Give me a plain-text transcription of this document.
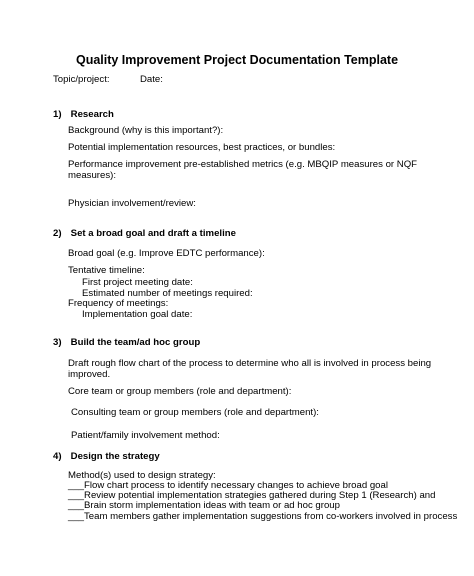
Quality Improvement Project Documentation Template
Topic/project:	Date:
1) Research
Background (why is this important?):
Potential implementation resources, best practices, or bundles:
Performance improvement pre-established metrics (e.g. MBQIP measures or NQF
measures):
Physician involvement/review:
2) Set a broad goal and draft a timeline
Broad goal (e.g. Improve EDTC performance):
Tentative timeline:
First project meeting date:
Estimated number of meetings required:
Frequency of meetings:
Implementation goal date:
3) Build the team/ad hoc group
Draft rough flow chart of the process to determine who all is involved in process being
improved.
Core team or group members (role and department):
Consulting team or group members (role and department):
Patient/family involvement method:
4) Design the strategy
Method(s) used to design strategy:
___Flow chart process to identify necessary changes to achieve broad goal
___Review potential implementation strategies gathered during Step 1 (Research) and
___Brain storm implementation ideas with team or ad hoc group
___Team members gather implementation suggestions from co-workers involved in process
